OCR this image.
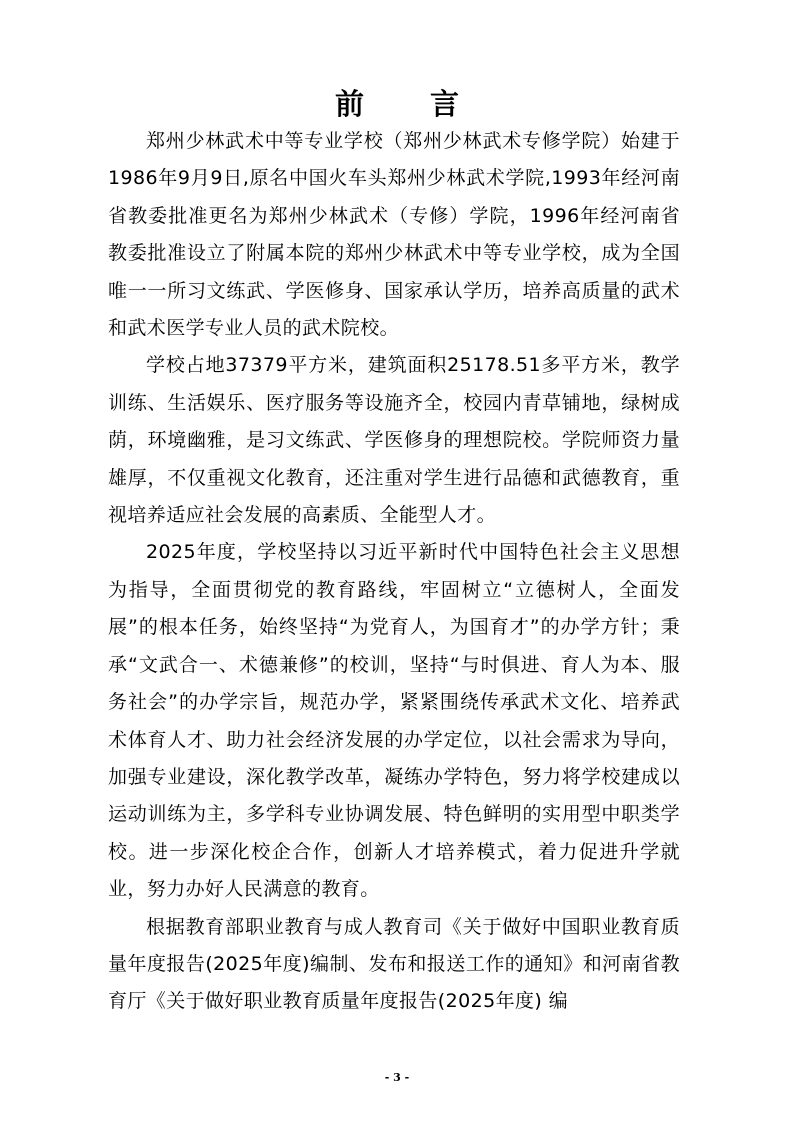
前 言

郑州少林武术中等专业学校（郑州少林武术专修学院）始建于1986年9月9日,原名中国火车头郑州少林武术学院,1993年经河南省教委批准更名为郑州少林武术（专修）学院，1996年经河南省教委批准设立了附属本院的郑州少林武术中等专业学校，成为全国唯一一所习文练武、学医修身、国家承认学历，培养高质量的武术和武术医学专业人员的武术院校。

学校占地37379平方米，建筑面积25178.51多平方米，教学训练、生活娱乐、医疗服务等设施齐全，校园内青草铺地，绿树成荫，环境幽雅，是习文练武、学医修身的理想院校。学院师资力量雄厚，不仅重视文化教育，还注重对学生进行品德和武德教育，重视培养适应社会发展的高素质、全能型人才。

2025年度，学校坚持以习近平新时代中国特色社会主义思想为指导，全面贯彻党的教育路线，牢固树立“立德树人，全面发展”的根本任务，始终坚持“为党育人，为国育才”的办学方针；秉承“文武合一、术德兼修”的校训，坚持“与时俱进、育人为本、服务社会”的办学宗旨，规范办学，紧紧围绕传承武术文化、培养武术体育人才、助力社会经济发展的办学定位，以社会需求为导向，加强专业建设，深化教学改革，凝练办学特色，努力将学校建成以运动训练为主，多学科专业协调发展、特色鲜明的实用型中职类学校。进一步深化校企合作，创新人才培养模式，着力促进升学就业，努力办好人民满意的教育。

根据教育部职业教育与成人教育司《关于做好中国职业教育质量年度报告(2025年度)编制、发布和报送工作的通知》和河南省教育厅《关于做好职业教育质量年度报告(2025年度) 编

- 3 -
